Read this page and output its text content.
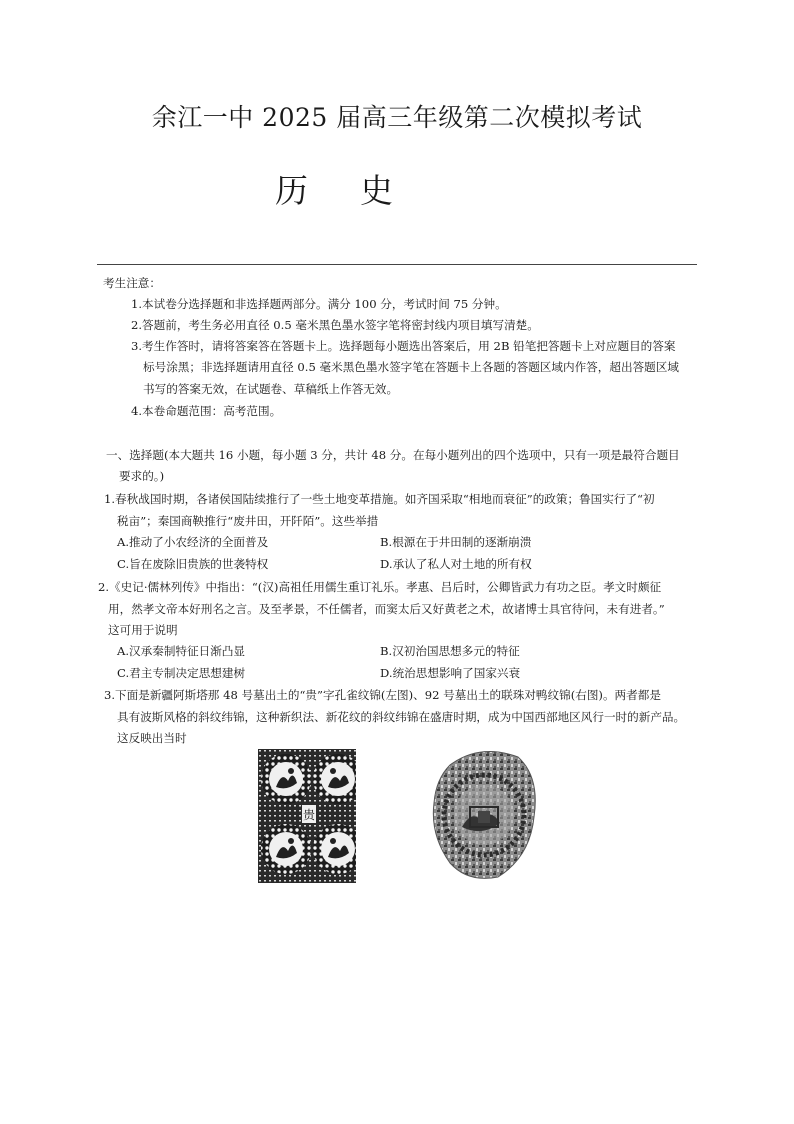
余江一中 2025 届高三年级第二次模拟考试
历史
考生注意：
1.本试卷分选择题和非选择题两部分。满分 100 分，考试时间 75 分钟。
2.答题前，考生务必用直径 0.5 毫米黑色墨水签字笔将密封线内项目填写清楚。
3.考生作答时，请将答案答在答题卡上。选择题每小题选出答案后，用 2B 铅笔把答题卡上对应题目的答案
标号涂黑；非选择题请用直径 0.5 毫米黑色墨水签字笔在答题卡上各题的答题区域内作答，超出答题区域
书写的答案无效，在试题卷、草稿纸上作答无效。
4.本卷命题范围：高考范围。
一、选择题(本大题共 16 小题，每小题 3 分，共计 48 分。在每小题列出的四个选项中，只有一项是最符合题目
要求的。)
1.春秋战国时期，各诸侯国陆续推行了一些土地变革措施。如齐国采取“相地而衰征”的政策；鲁国实行了“初
税亩”；秦国商鞅推行“废井田，开阡陌”。这些举措
A.推动了小农经济的全面普及	B.根源在于井田制的逐渐崩溃
C.旨在废除旧贵族的世袭特权	D.承认了私人对土地的所有权
2.《史记·儒林列传》中指出：“(汉)高祖任用儒生重订礼乐。孝惠、吕后时，公卿皆武力有功之臣。孝文时颇征
用，然孝文帝本好刑名之言。及至孝景，不任儒者，而窦太后又好黄老之术，故诸博士具官待问，未有进者。”
这可用于说明
A.汉承秦制特征日渐凸显	B.汉初治国思想多元的特征
C.君主专制决定思想建树	D.统治思想影响了国家兴衰
3.下面是新疆阿斯塔那 48 号墓出土的“贵”字孔雀纹锦(左图)、92 号墓出土的联珠对鸭纹锦(右图)。两者都是
具有波斯风格的斜纹纬锦，这种新织法、新花纹的斜纹纬锦在盛唐时期，成为中国西部地区风行一时的新产品。
这反映出当时
贵
